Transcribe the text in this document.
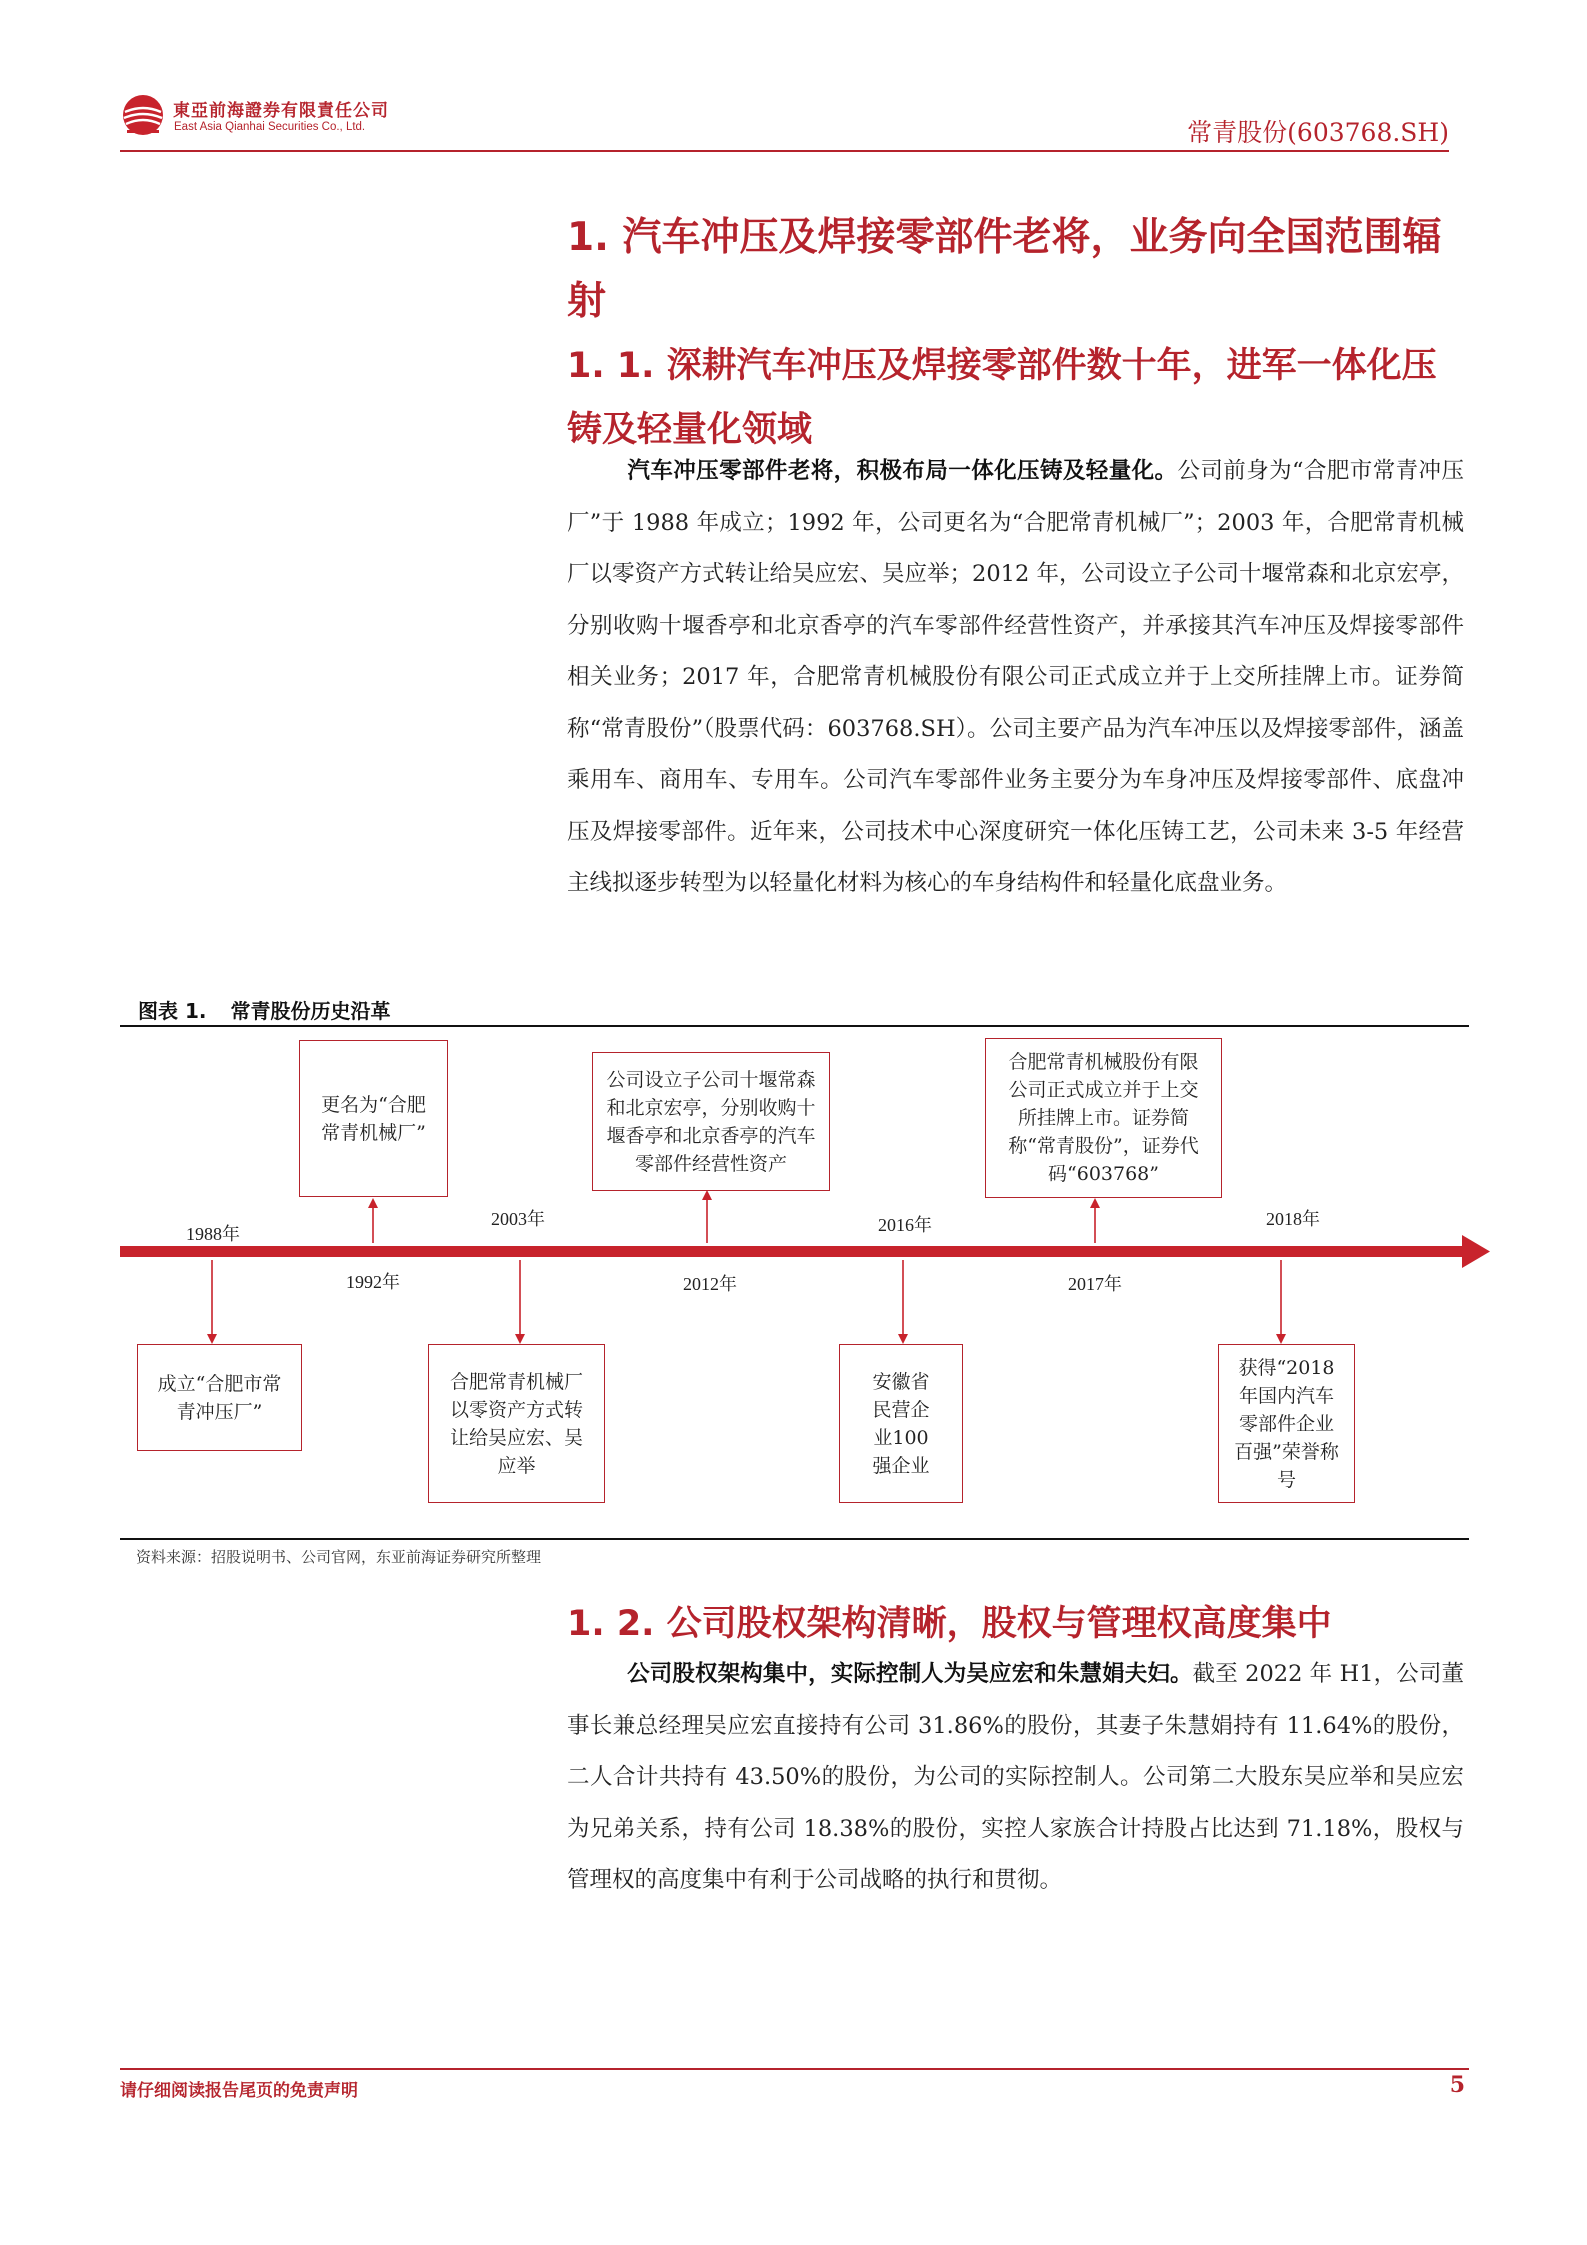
東亞前海證券有限責任公司
East Asia Qianhai Securities Co., Ltd.	常青股份(603768.SH)
1. 汽车冲压及焊接零部件老将，业务向全国范围辐射
1. 1. 深耕汽车冲压及焊接零部件数十年，进军一体化压铸及轻量化领域
汽车冲压零部件老将，积极布局一体化压铸及轻量化。公司前身为“合肥市常青冲压厂”于 1988 年成立；1992 年，公司更名为“合肥常青机械厂”；2003 年，合肥常青机械厂以零资产方式转让给吴应宏、吴应举；2012 年，公司设立子公司十堰常森和北京宏亭，分别收购十堰香亭和北京香亭的汽车零部件经营性资产，并承接其汽车冲压及焊接零部件相关业务；2017 年，合肥常青机械股份有限公司正式成立并于上交所挂牌上市。证券简称“常青股份”（股票代码：603768.SH）。公司主要产品为汽车冲压以及焊接零部件，涵盖乘用车、商用车、专用车。公司汽车零部件业务主要分为车身冲压及焊接零部件、底盘冲压及焊接零部件。近年来，公司技术中心深度研究一体化压铸工艺，公司未来 3-5 年经营主线拟逐步转型为以轻量化材料为核心的车身结构件和轻量化底盘业务。
图表 1. 常青股份历史沿革
1988年
1992年
2003年
2012年
2016年
2017年
2018年
更名为“合肥常青机械厂”
公司设立子公司十堰常森和北京宏亭，分别收购十堰香亭和北京香亭的汽车零部件经营性资产
合肥常青机械股份有限公司正式成立并于上交所挂牌上市。证券简称“常青股份”，证券代码“603768”
成立“合肥市常青冲压厂”
合肥常青机械厂以零资产方式转让给吴应宏、吴应举
安徽省民营企业100强企业
获得“2018年国内汽车零部件企业百强”荣誉称号
资料来源：招股说明书、公司官网，东亚前海证券研究所整理
1. 2. 公司股权架构清晰，股权与管理权高度集中
公司股权架构集中，实际控制人为吴应宏和朱慧娟夫妇。截至 2022 年 H1，公司董事长兼总经理吴应宏直接持有公司 31.86%的股份，其妻子朱慧娟持有 11.64%的股份，二人合计共持有 43.50%的股份，为公司的实际控制人。公司第二大股东吴应举和吴应宏为兄弟关系，持有公司 18.38%的股份，实控人家族合计持股占比达到 71.18%，股权与管理权的高度集中有利于公司战略的执行和贯彻。
请仔细阅读报告尾页的免责声明	5
